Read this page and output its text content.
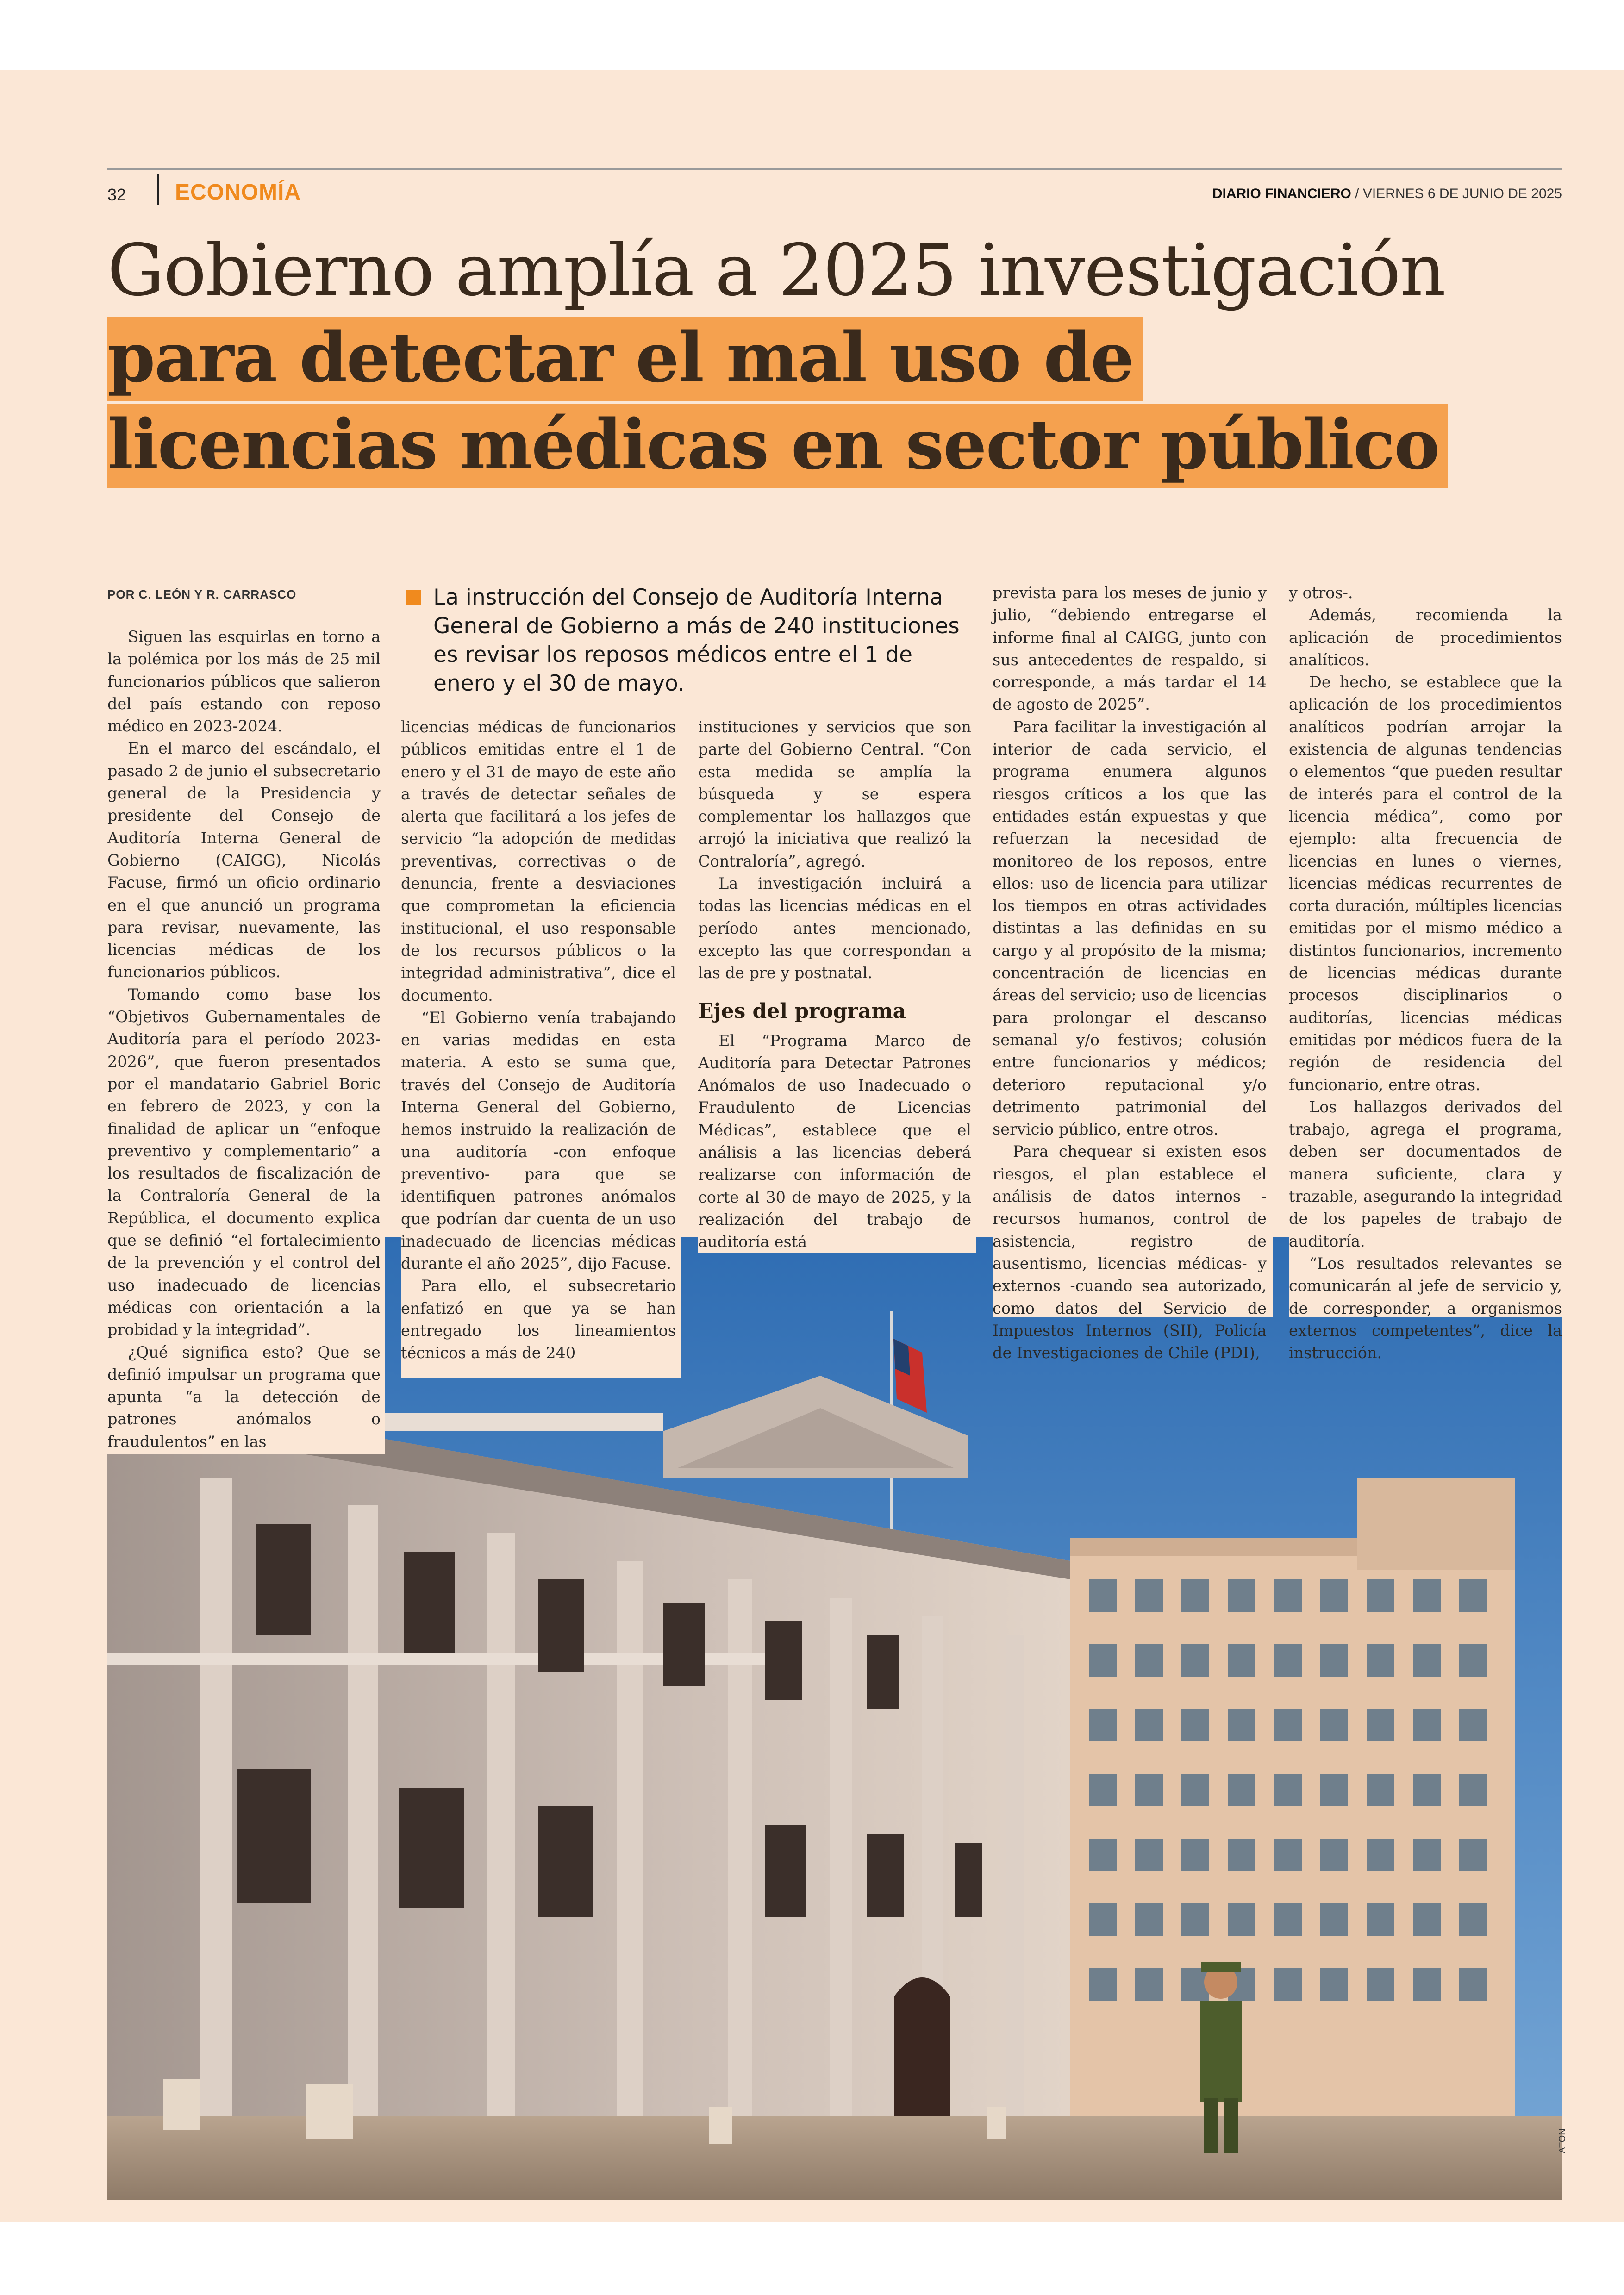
32 ECONOMÍA	DIARIO FINANCIERO / VIERNES 6 DE JUNIO DE 2025
Gobierno amplía a 2025 investigación
para detectar el mal uso de
licencias médicas en sector público
POR C. LEÓN Y R. CARRASCO	La instrucción del Consejo de Auditoría Interna General de Gobierno a más de 240 instituciones es revisar los reposos médicos entre el 1 de enero y el 30 de mayo.

Siguen las esquirlas en torno a la polémica por los más de 25 mil funcionarios públicos que salieron del país estando con reposo médico en 2023-2024.

En el marco del escándalo, el pasado 2 de junio el subsecretario general de la Presidencia y presidente del Consejo de Auditoría Interna General de Gobierno (CAIGG), Nicolás Facuse, firmó un oficio ordinario en el que anunció un programa para revisar, nuevamente, las licencias médicas de los funcionarios públicos.

Tomando como base los “Objetivos Gubernamentales de Auditoría para el período 2023-2026”, que fueron presentados por el mandatario Gabriel Boric en febrero de 2023, y con la finalidad de aplicar un “enfoque preventivo y complementario” a los resultados de fiscalización de la Contraloría General de la República, el documento explica que se definió “el fortalecimiento de la prevención y el control del uso inadecuado de licencias médicas con orientación a la probidad y la integridad”.

¿Qué significa esto? Que se definió impulsar un programa que apunta “a la detección de patrones anómalos o fraudulentos” en las

licencias médicas de funcionarios públicos emitidas entre el 1 de enero y el 31 de mayo de este año a través de detectar señales de alerta que facilitará a los jefes de servicio “la adopción de medidas preventivas, correctivas o de denuncia, frente a desviaciones que comprometan la eficiencia institucional, el uso responsable de los recursos públicos o la integridad administrativa”, dice el documento.

“El Gobierno venía trabajando en varias medidas en esta materia. A esto se suma que, través del Consejo de Auditoría Interna General del Gobierno, hemos instruido la realización de una auditoría -con enfoque preventivo- para que se identifiquen patrones anómalos que podrían dar cuenta de un uso inadecuado de licencias médicas durante el año 2025”, dijo Facuse.

Para ello, el subsecretario enfatizó en que ya se han entregado los lineamientos técnicos a más de 240

instituciones y servicios que son parte del Gobierno Central. “Con esta medida se amplía la búsqueda y se espera complementar los hallazgos que arrojó la iniciativa que realizó la Contraloría”, agregó.

La investigación incluirá a todas las licencias médicas en el período antes mencionado, excepto las que correspondan a las de pre y postnatal.

Ejes del programa

El “Programa Marco de Auditoría para Detectar Patrones Anómalos de uso Inadecuado o Fraudulento de Licencias Médicas”, establece que el análisis a las licencias deberá realizarse con información de corte al 30 de mayo de 2025, y la realización del trabajo de auditoría está

prevista para los meses de junio y julio, “debiendo entregarse el informe final al CAIGG, junto con sus antecedentes de respaldo, si corresponde, a más tardar el 14 de agosto de 2025”.

Para facilitar la investigación al interior de cada servicio, el programa enumera algunos riesgos críticos a los que las entidades están expuestas y que refuerzan la necesidad de monitoreo de los reposos, entre ellos: uso de licencia para utilizar los tiempos en otras actividades distintas a las definidas en su cargo y al propósito de la misma; concentración de licencias en áreas del servicio; uso de licencias para prolongar el descanso semanal y/o festivos; colusión entre funcionarios y médicos; deterioro reputacional y/o detrimento patrimonial del servicio público, entre otros.

Para chequear si existen esos riesgos, el plan establece el análisis de datos internos -recursos humanos, control de asistencia, registro de ausentismo, licencias médicas- y externos -cuando sea autorizado, como datos del Servicio de Impuestos Internos (SII), Policía de Investigaciones de Chile (PDI),

y otros-.

Además, recomienda la aplicación de procedimientos analíticos.

De hecho, se establece que la aplicación de los procedimientos analíticos podrían arrojar la existencia de algunas tendencias o elementos “que pueden resultar de interés para el control de la licencia médica”, como por ejemplo: alta frecuencia de licencias en lunes o viernes, licencias médicas recurrentes de corta duración, múltiples licencias emitidas por el mismo médico a distintos funcionarios, incremento de licencias médicas durante procesos disciplinarios o auditorías, licencias médicas emitidas por médicos fuera de la región de residencia del funcionario, entre otras.

Los hallazgos derivados del trabajo, agrega el programa, deben ser documentados de manera suficiente, clara y trazable, asegurando la integridad de los papeles de trabajo de auditoría.

“Los resultados relevantes se comunicarán al jefe de servicio y, de corresponder, a organismos externos competentes”, dice la instrucción.

ATON
